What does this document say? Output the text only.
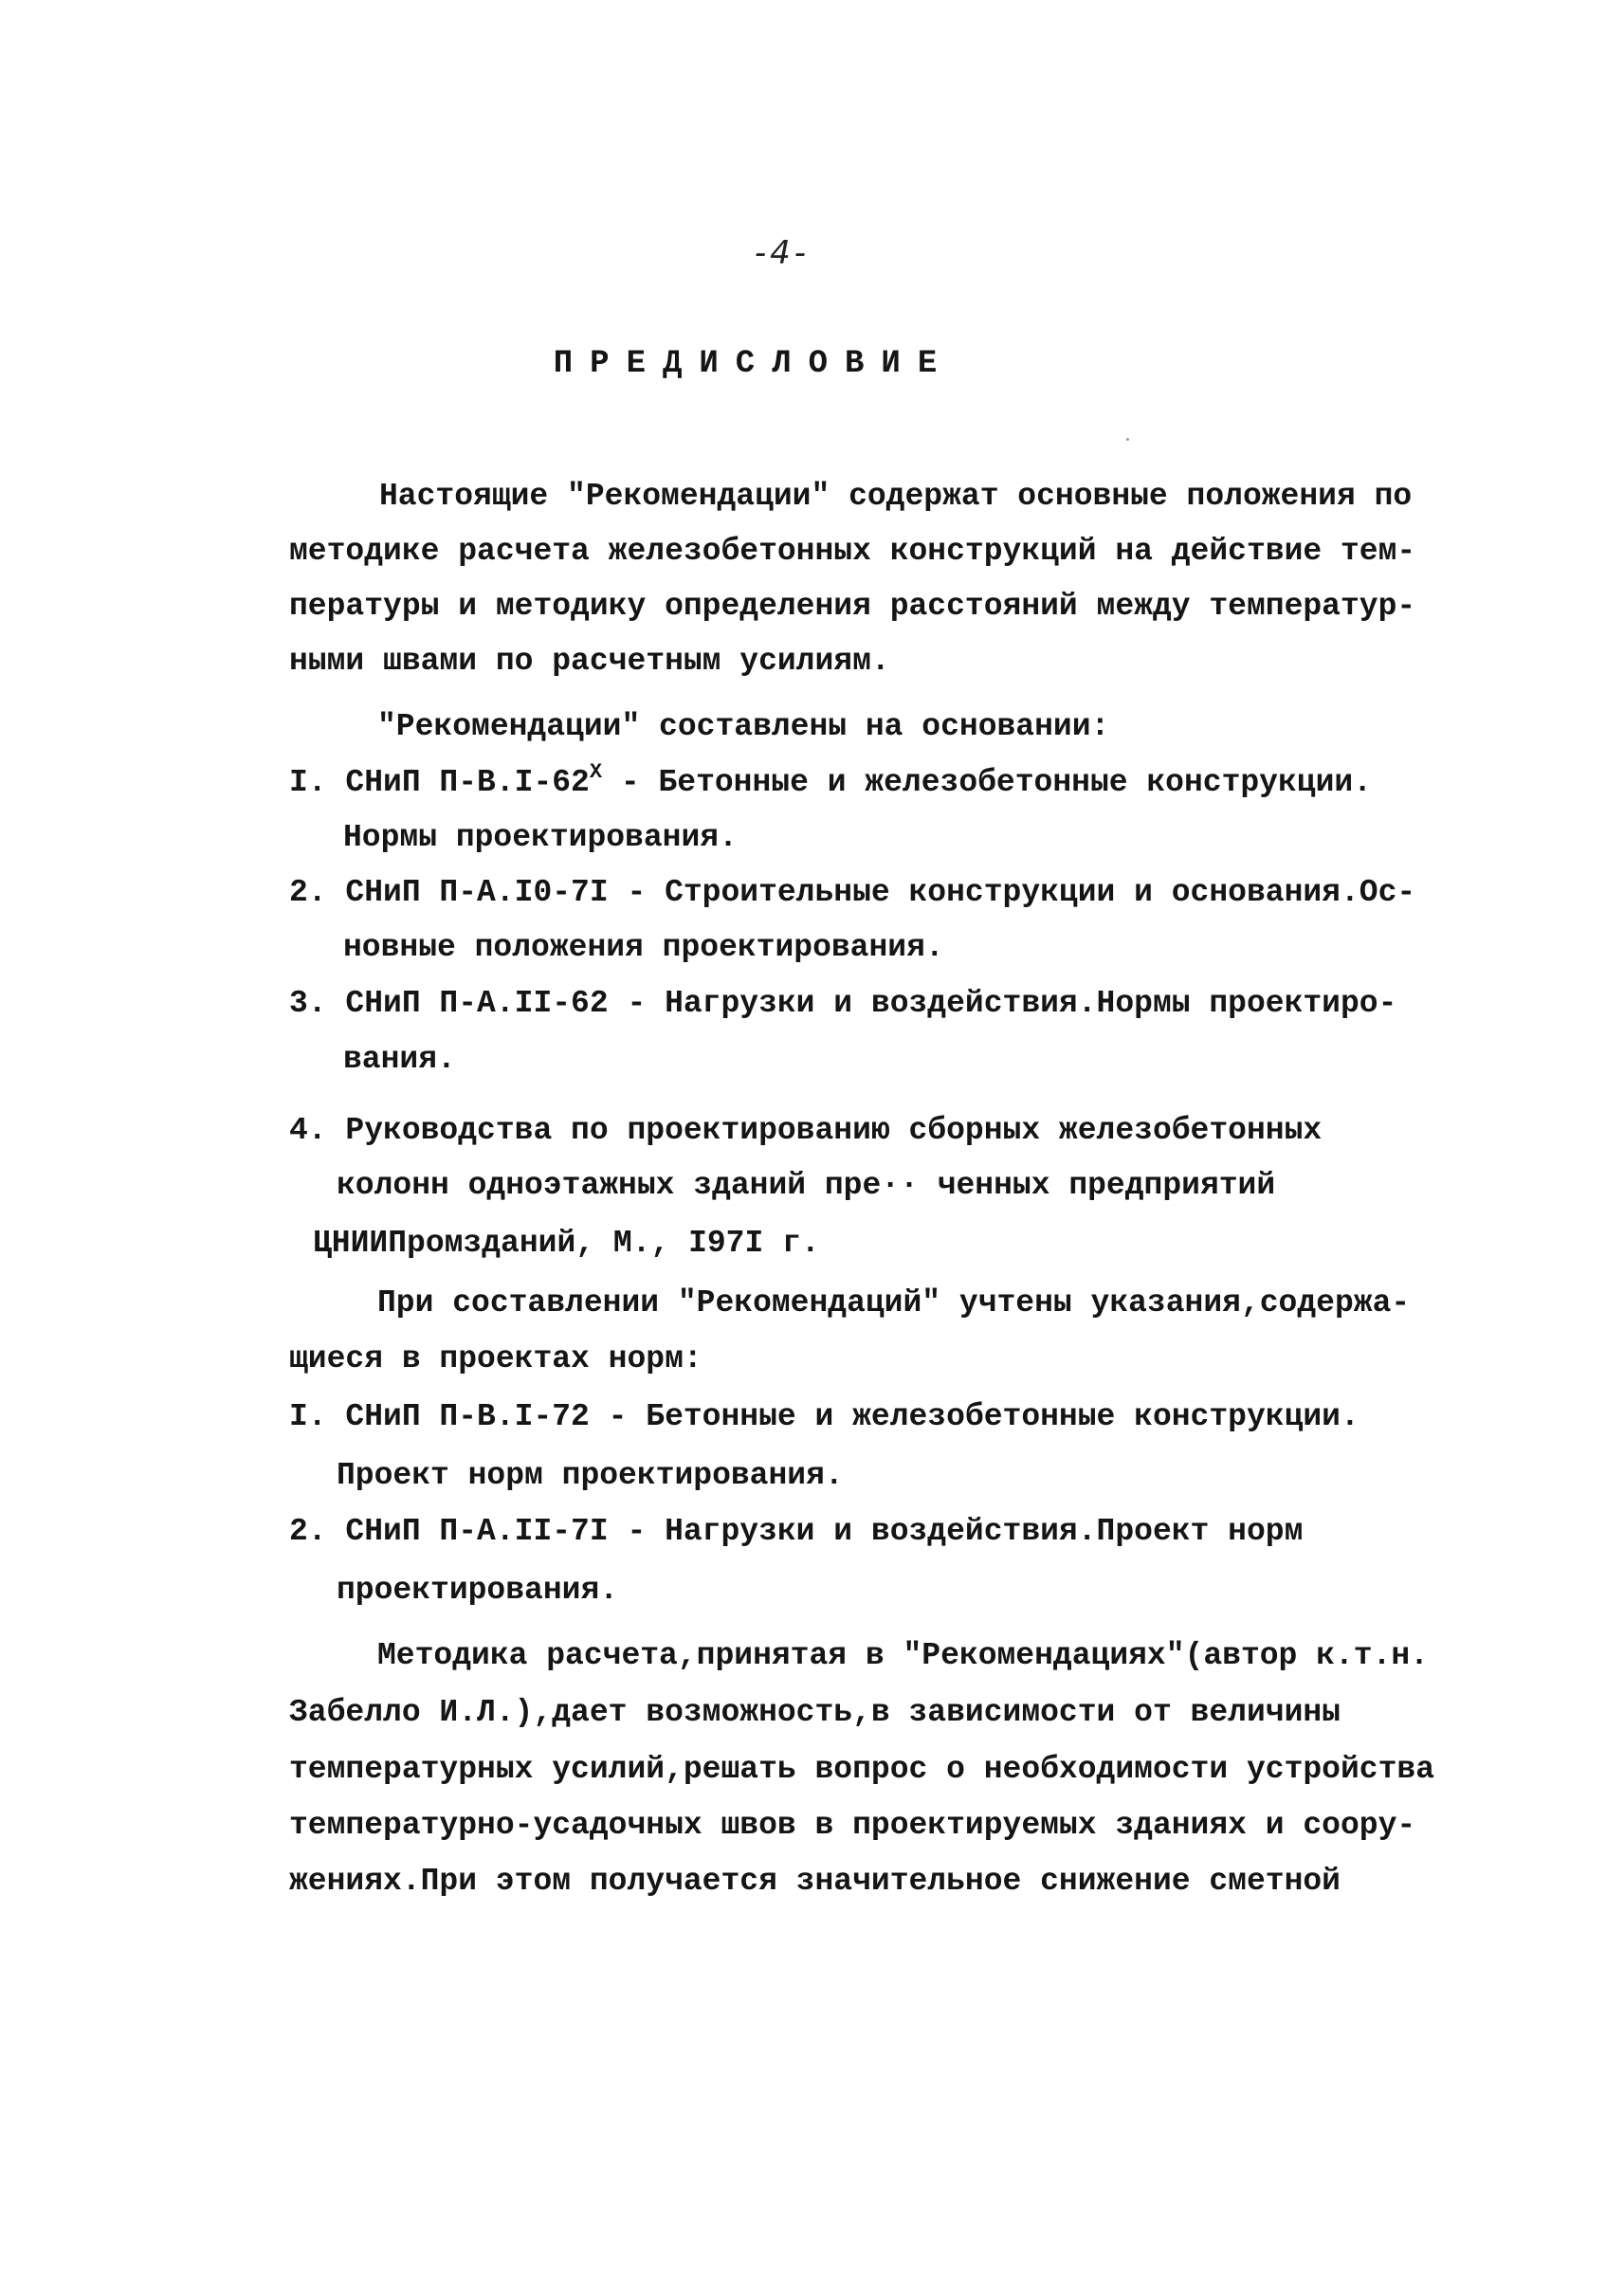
-4-
ПРЕДИСЛОВИЕ

Настоящие "Рекомендации" содержат основные положения по

методике расчета железобетонных конструкций на действие тем-

пературы и методику определения расстояний между температур-

ными швами по расчетным усилиям.

"Рекомендации" составлены на основании:

I. СНиП $П-В.I-62^Х$ - Бетонные и железобетонные конструкции.

Нормы проектирования.

2. СНиП П-А.I0-7I - Строительные конструкции и основания.Ос-

новные положения проектирования.

3. СНиП П-А.II-62 - Нагрузки и воздействия.Нормы проектиро-

вания.

4. Руководства по проектированию сборных железобетонных

колонн одноэтажных зданий пре·· ченных предприятий

ЦНИИПромзданий, М., I97I г.

При составлении "Рекомендаций" учтены указания,содержа-

щиеся в проектах норм:

I. СНиП П-В.I-72 - Бетонные и железобетонные конструкции.

Проект норм проектирования.

2. СНиП П-А.II-7I - Нагрузки и воздействия.Проект норм

проектирования.

Методика расчета,принятая в "Рекомендациях"(автор к.т.н.

Забелло И.Л.),дает возможность,в зависимости от величины

температурных усилий,решать вопрос о необходимости устройства

температурно-усадочных швов в проектируемых зданиях и соору-

жениях.При этом получается значительное снижение сметной
